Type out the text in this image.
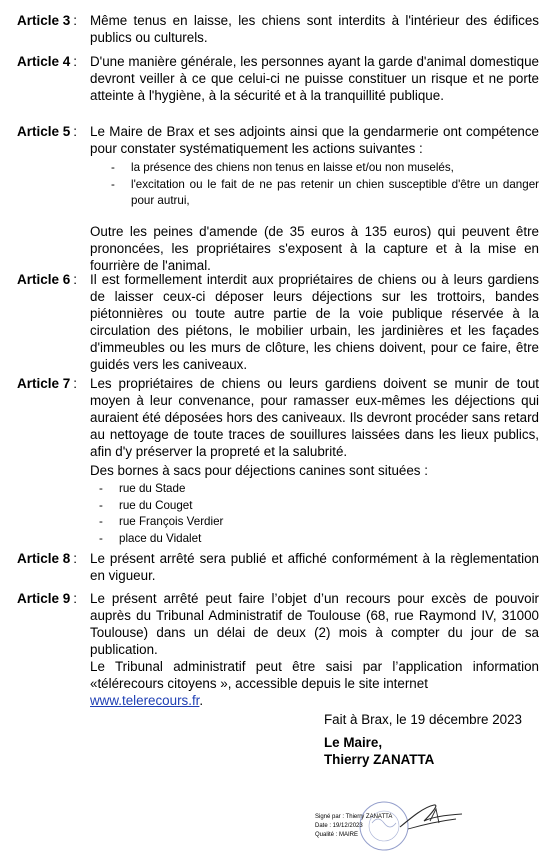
Article 3 : Même tenus en laisse, les chiens sont interdits à l'intérieur des édifices publics ou culturels.

Article 4 : D'une manière générale, les personnes ayant la garde d'animal domestique devront veiller à ce que celui-ci ne puisse constituer un risque et ne porte atteinte à l'hygiène, à la sécurité et à la tranquillité publique.

Article 5 : Le Maire de Brax et ses adjoints ainsi que la gendarmerie ont compétence pour constater systématiquement les actions suivantes :

- la présence des chiens non tenus en laisse et/ou non muselés,
- l'excitation ou le fait de ne pas retenir un chien susceptible d'être un danger pour autrui,

Outre les peines d'amende (de 35 euros à 135 euros) qui peuvent être prononcées, les propriétaires s'exposent à la capture et à la mise en fourrière de l'animal.

Article 6 : Il est formellement interdit aux propriétaires de chiens ou à leurs gardiens de laisser ceux-ci déposer leurs déjections sur les trottoirs, bandes piétonnières ou toute autre partie de la voie publique réservée à la circulation des piétons, le mobilier urbain, les jardinières et les façades d'immeubles ou les murs de clôture, les chiens doivent, pour ce faire, être guidés vers les caniveaux.

Article 7 : Les propriétaires de chiens ou leurs gardiens doivent se munir de tout moyen à leur convenance, pour ramasser eux-mêmes les déjections qui auraient été déposées hors des caniveaux. Ils devront procéder sans retard au nettoyage de toute traces de souillures laissées dans les lieux publics, afin d'y préserver la propreté et la salubrité.

Des bornes à sacs pour déjections canines sont situées :

- rue du Stade
- rue du Couget
- rue François Verdier
- place du Vidalet
Article 8 : Le présent arrêté sera publié et affiché conformément à la règlementation en vigueur.

Article 9 : Le présent arrêté peut faire l’objet d’un recours pour excès de pouvoir auprès du Tribunal Administratif de Toulouse (68, rue Raymond IV, 31000 Toulouse) dans un délai de deux (2) mois à compter du jour de sa publication.

Le Tribunal administratif peut être saisi par l’application information «télérecours citoyens », accessible depuis le site internet

www.telerecours.fr.

Fait à Brax, le 19 décembre 2023
Le Maire,
Thierry ZANATTA
Signé par : Thierry ZANATTA
Date : 19/12/2023
Qualité : MAIRE
